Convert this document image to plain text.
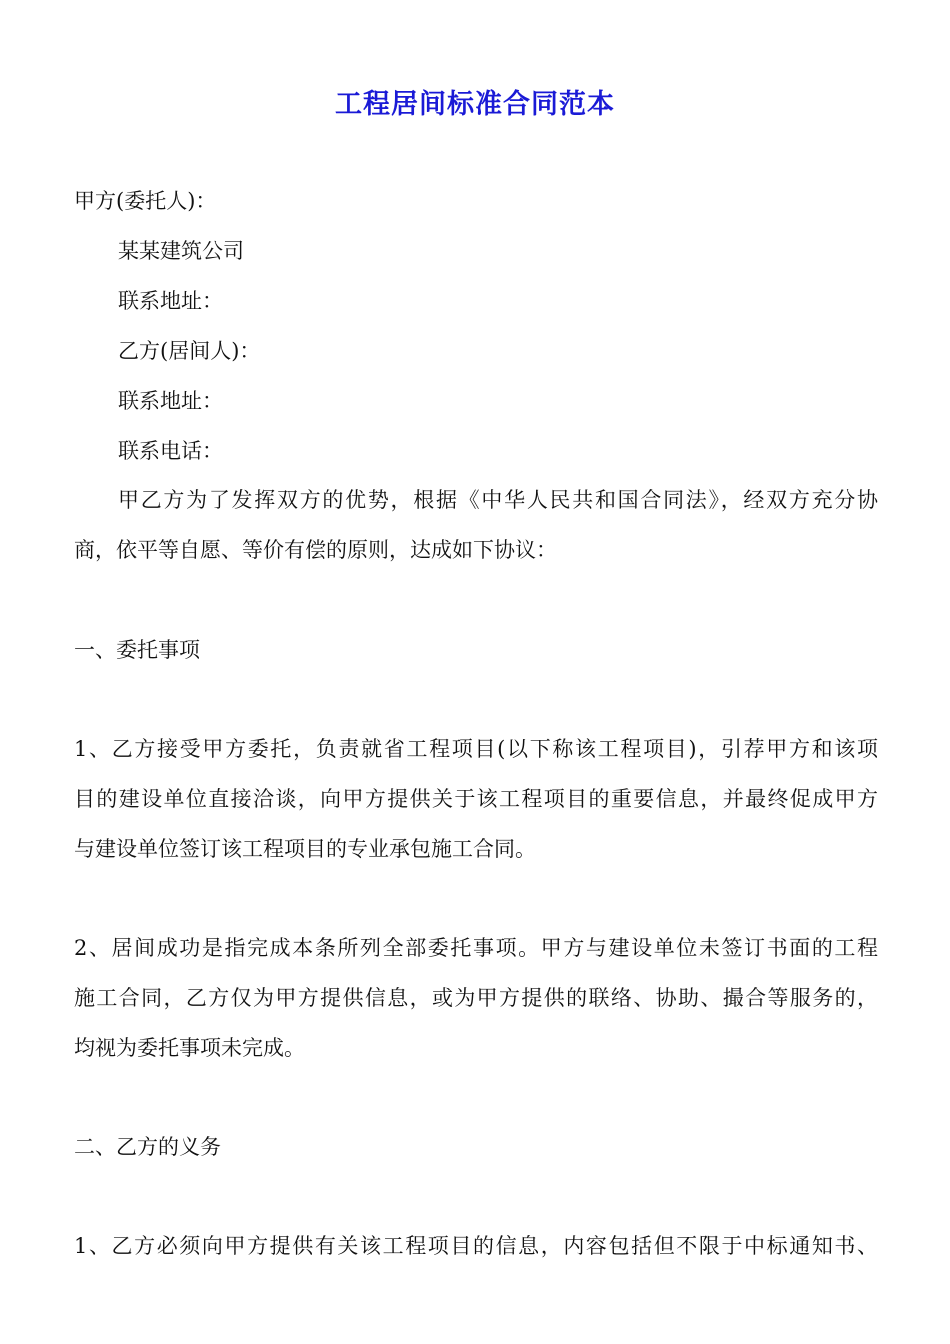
工程居间标准合同范本
甲方(委托人)：
某某建筑公司
联系地址：
乙方(居间人)：
联系地址：
联系电话：
甲乙方为了发挥双方的优势，根据《中华人民共和国合同法》，经双方充分协
商，依平等自愿、等价有偿的原则，达成如下协议：
一、委托事项
1、乙方接受甲方委托，负责就省工程项目(以下称该工程项目)，引荐甲方和该项
目的建设单位直接洽谈，向甲方提供关于该工程项目的重要信息，并最终促成甲方
与建设单位签订该工程项目的专业承包施工合同。
2、居间成功是指完成本条所列全部委托事项。甲方与建设单位未签订书面的工程
施工合同，乙方仅为甲方提供信息，或为甲方提供的联络、协助、撮合等服务的，
均视为委托事项未完成。
二、乙方的义务
1、乙方必须向甲方提供有关该工程项目的信息，内容包括但不限于中标通知书、
